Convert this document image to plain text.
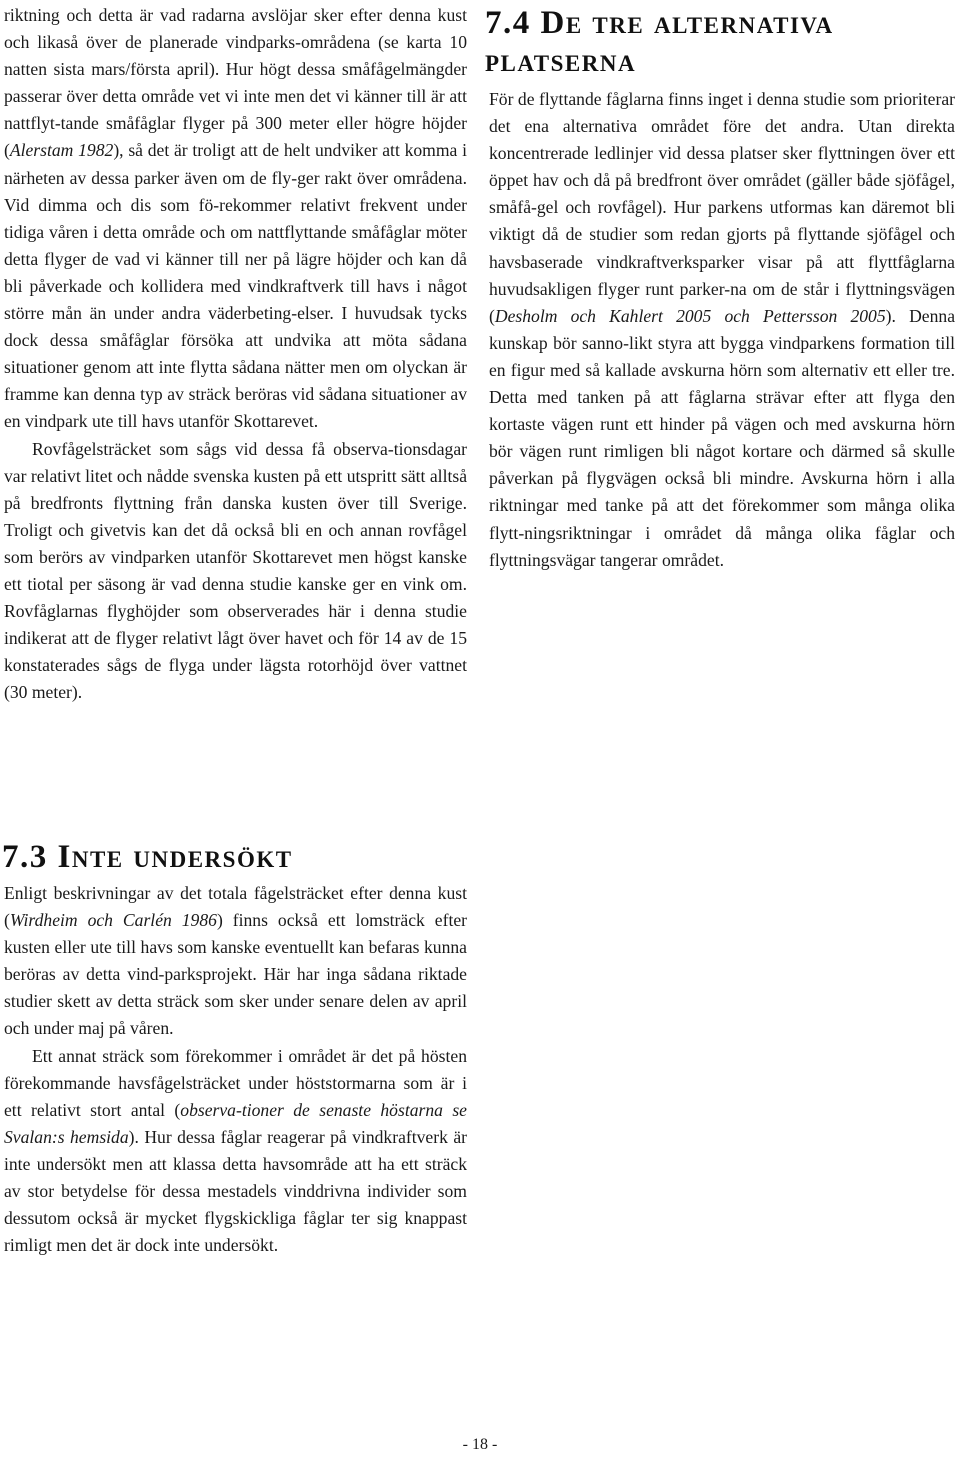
riktning och detta är vad radarna avslöjar sker efter denna kust och likaså över de planerade vindparks-områdena (se karta 10 natten sista mars/första april). Hur högt dessa småfågelmängder passerar över detta område vet vi inte men det vi känner till är att nattflyt-tande småfåglar flyger på 300 meter eller högre höjder (Alerstam 1982), så det är troligt att de helt undviker att komma i närheten av dessa parker även om de fly-ger rakt över områdena. Vid dimma och dis som fö-rekommer relativt frekvent under tidiga våren i detta område och om nattflyttande småfåglar möter detta flyger de vad vi känner till ner på lägre höjder och kan då bli påverkade och kollidera med vindkraftverk till havs i något större mån än under andra väderbeting-elser. I huvudsak tycks dock dessa småfåglar försöka att undvika att möta sådana situationer genom att inte flytta sådana nätter men om olyckan är framme kan denna typ av sträck beröras vid sådana situationer av en vindpark ute till havs utanför Skottarevet.

Rovfågelsträcket som sågs vid dessa få observa-tionsdagar var relativt litet och nådde svenska kusten på ett utspritt sätt alltså på bredfronts flyttning från danska kusten över till Sverige. Troligt och givetvis kan det då också bli en och annan rovfågel som berörs av vindparken utanför Skottarevet men högst kanske ett tiotal per säsong är vad denna studie kanske ger en vink om. Rovfåglarnas flyghöjder som observerades här i denna studie indikerat att de flyger relativt lågt över havet och för 14 av de 15 konstaterades sågs de flyga under lägsta rotorhöjd över vattnet (30 meter).

7.3 Inte undersökt

Enligt beskrivningar av det totala fågelsträcket efter denna kust (Wirdheim och Carlén 1986) finns också ett lomsträck efter kusten eller ute till havs som kanske eventuellt kan befaras kunna beröras av detta vind-parksprojekt. Här har inga sådana riktade studier skett av detta sträck som sker under senare delen av april och under maj på våren.

Ett annat sträck som förekommer i området är det på hösten förekommande havsfågelsträcket under höststormarna som är i ett relativt stort antal (observa-tioner de senaste höstarna se Svalan:s hemsida). Hur dessa fåglar reagerar på vindkraftverk är inte undersökt men att klassa detta havsområde att ha ett sträck av stor betydelse för dessa mestadels vinddrivna individer som dessutom också är mycket flygskickliga fåglar ter sig knappast rimligt men det är dock inte undersökt.

7.4 De tre alternativa platserna

För de flyttande fåglarna finns inget i denna studie som prioriterar det ena alternativa området före det andra. Utan direkta koncentrerade ledlinjer vid dessa platser sker flyttningen över ett öppet hav och då på bredfront över området (gäller både sjöfågel, småfå-gel och rovfågel). Hur parkens utformas kan däremot bli viktigt då de studier som redan gjorts på flyttande sjöfågel och havsbaserade vindkraftverksparker visar på att flyttfåglarna huvudsakligen flyger runt parker-na om de står i flyttningsvägen (Desholm och Kahlert 2005 och Pettersson 2005). Denna kunskap bör sanno-likt styra att bygga vindparkens formation till en figur med så kallade avskurna hörn som alternativ ett eller tre. Detta med tanken på att fåglarna strävar efter att flyga den kortaste vägen runt ett hinder på vägen och med avskurna hörn bör vägen runt rimligen bli något kortare och därmed så skulle påverkan på flygvägen också bli mindre. Avskurna hörn i alla riktningar med tanke på att det förekommer som många olika flytt-ningsriktningar i området då många olika fåglar och flyttningsvägar tangerar området.

- 18 -
